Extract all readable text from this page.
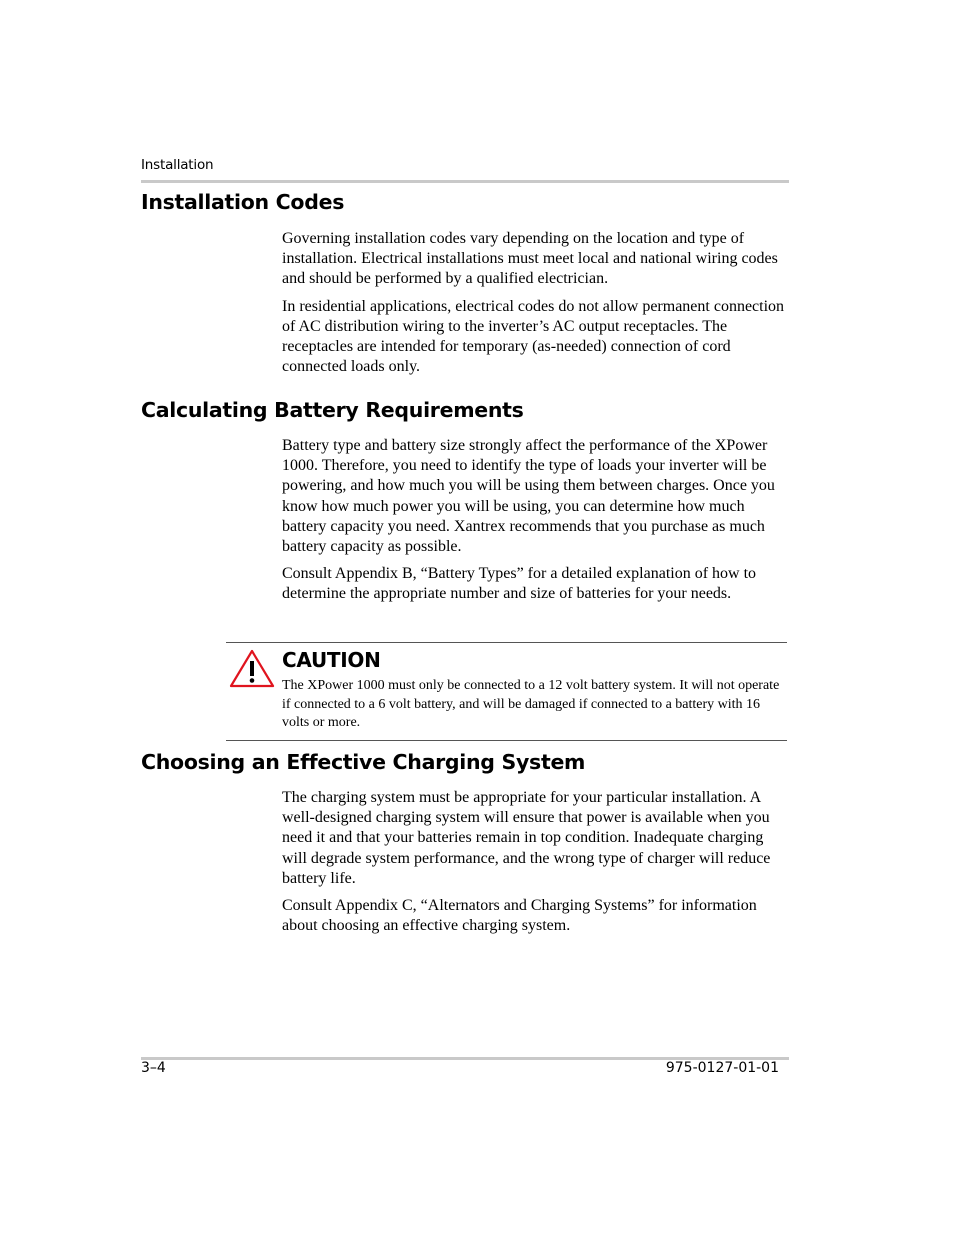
Installation
Installation Codes

Governing installation codes vary depending on the location and type of installation. Electrical installations must meet local and national wiring codes and should be performed by a qualified electrician.

In residential applications, electrical codes do not allow permanent connection of AC distribution wiring to the inverter’s AC output receptacles. The receptacles are intended for temporary (as-needed) connection of cord connected loads only.

Calculating Battery Requirements

Battery type and battery size strongly affect the performance of the XPower 1000. Therefore, you need to identify the type of loads your inverter will be powering, and how much you will be using them between charges. Once you know how much power you will be using, you can determine how much battery capacity you need. Xantrex recommends that you purchase as much battery capacity as possible.

Consult Appendix B, “Battery Types” for a detailed explanation of how to determine the appropriate number and size of batteries for your needs.

CAUTION
The XPower 1000 must only be connected to a 12 volt battery system. It will not operate if connected to a 6 volt battery, and will be damaged if connected to a battery with 16 volts or more.
Choosing an Effective Charging System

The charging system must be appropriate for your particular installation. A well-designed charging system will ensure that power is available when you need it and that your batteries remain in top condition. Inadequate charging will degrade system performance, and the wrong type of charger will reduce battery life.

Consult Appendix C, “Alternators and Charging Systems” for information about choosing an effective charging system.

3–4	975-0127-01-01
